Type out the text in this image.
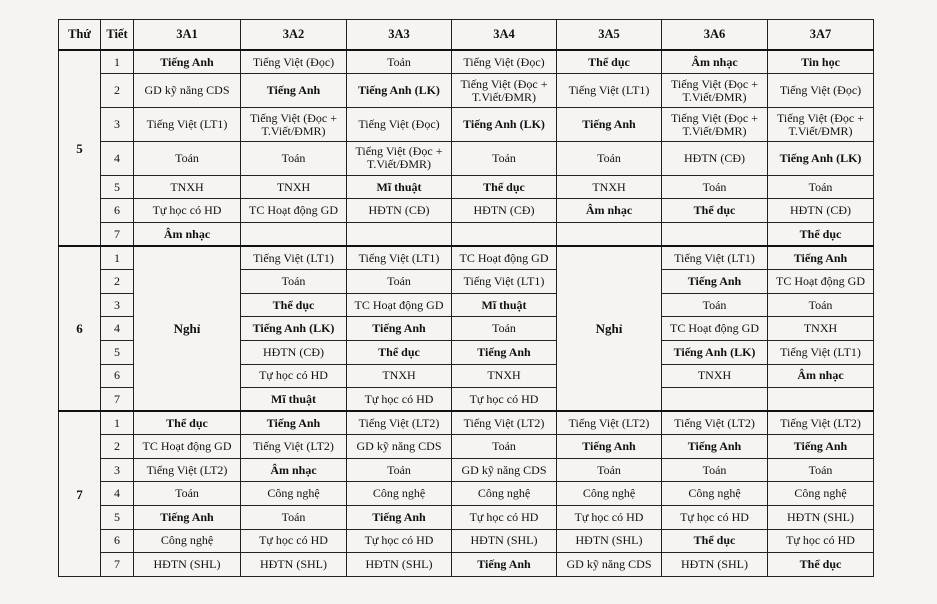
Thứ	Tiết	3A1	3A2	3A3	3A4	3A5	3A6	3A7
5	1	Tiếng Anh	Tiếng Việt (Đọc)	Toán	Tiếng Việt (Đọc)	Thể dục	Âm nhạc	Tin học
	2	GD kỹ năng CDS	Tiếng Anh	Tiếng Anh (LK)	Tiếng Việt (Đọc + T.Viết/ĐMR)	Tiếng Việt (LT1)	Tiếng Việt (Đọc + T.Viết/ĐMR)	Tiếng Việt (Đọc)
	3	Tiếng Việt (LT1)	Tiếng Việt (Đọc + T.Viết/ĐMR)	Tiếng Việt (Đọc)	Tiếng Anh (LK)	Tiếng Anh	Tiếng Việt (Đọc + T.Viết/ĐMR)	Tiếng Việt (Đọc + T.Viết/ĐMR)
	4	Toán	Toán	Tiếng Việt (Đọc + T.Viết/ĐMR)	Toán	Toán	HĐTN (CĐ)	Tiếng Anh (LK)
	5	TNXH	TNXH	Mĩ thuật	Thể dục	TNXH	Toán	Toán
	6	Tự học có HD	TC Hoạt động GD	HĐTN (CĐ)	HĐTN (CĐ)	Âm nhạc	Thể dục	HĐTN (CĐ)
	7	Âm nhạc						Thể dục
6	1	Nghỉ	Tiếng Việt (LT1)	Tiếng Việt (LT1)	TC Hoạt động GD	Nghỉ	Tiếng Việt (LT1)	Tiếng Anh
	2		Toán	Toán	Tiếng Việt (LT1)		Tiếng Anh	TC Hoạt động GD
	3		Thể dục	TC Hoạt động GD	Mĩ thuật		Toán	Toán
	4		Tiếng Anh (LK)	Tiếng Anh	Toán		TC Hoạt động GD	TNXH
	5		HĐTN (CĐ)	Thể dục	Tiếng Anh		Tiếng Anh (LK)	Tiếng Việt (LT1)
	6		Tự học có HD	TNXH	TNXH		TNXH	Âm nhạc
	7		Mĩ thuật	Tự học có HD	Tự học có HD			
7	1	Thể dục	Tiếng Anh	Tiếng Việt (LT2)	Tiếng Việt (LT2)	Tiếng Việt (LT2)	Tiếng Việt (LT2)	Tiếng Việt (LT2)
	2	TC Hoạt động GD	Tiếng Việt (LT2)	GD kỹ năng CDS	Toán	Tiếng Anh	Tiếng Anh	Tiếng Anh
	3	Tiếng Việt (LT2)	Âm nhạc	Toán	GD kỹ năng CDS	Toán	Toán	Toán
	4	Toán	Công nghệ	Công nghệ	Công nghệ	Công nghệ	Công nghệ	Công nghệ
	5	Tiếng Anh	Toán	Tiếng Anh	Tự học có HD	Tự học có HD	Tự học có HD	HĐTN (SHL)
	6	Công nghệ	Tự học có HD	Tự học có HD	HĐTN (SHL)	HĐTN (SHL)	Thể dục	Tự học có HD
	7	HĐTN (SHL)	HĐTN (SHL)	HĐTN (SHL)	Tiếng Anh	GD kỹ năng CDS	HĐTN (SHL)	Thể dục
